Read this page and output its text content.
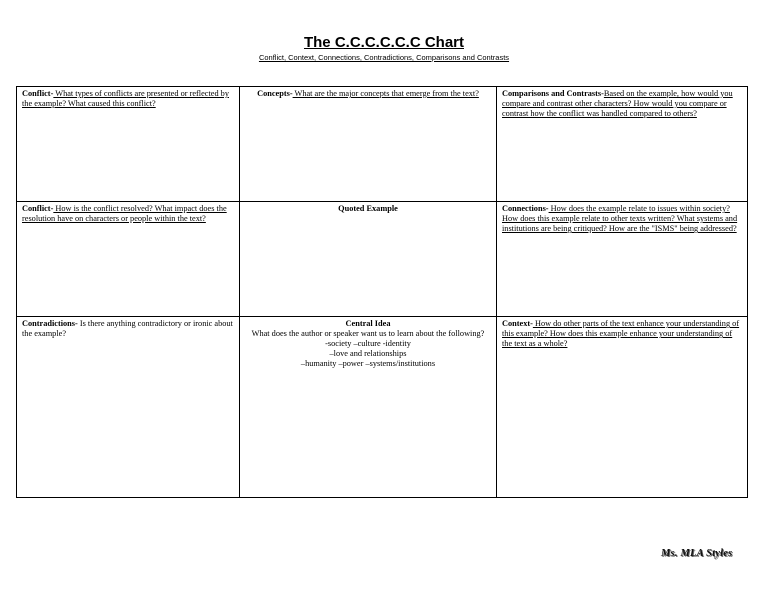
The C.C.C.C.C.C Chart
Conflict, Context, Connections, Contradictions, Comparisons and Contrasts
Conflict- What types of conflicts are presented or reflected by the example? What caused this conflict?	Concepts- What are the major concepts that emerge from the text?	Comparisons and Contrasts-Based on the example, how would you compare and contrast other characters? How would you compare or contrast how the conflict was handled compared to others?
Conflict- How is the conflict resolved? What impact does the resolution have on characters or people within the text?	Quoted Example	Connections- How does the example relate to issues within society? How does this example relate to other texts written? What systems and institutions are being critiqued? How are the "ISMS" being addressed?
Contradictions- Is there anything contradictory or ironic about the example?	Central Idea
What does the author or speaker want us to learn about the following?
-society –culture -identity
–love and relationships
–humanity –power –systems/institutions	Context- How do other parts of the text enhance your understanding of this example? How does this example enhance your understanding of the text as a whole?
Ms. MLA Styles
